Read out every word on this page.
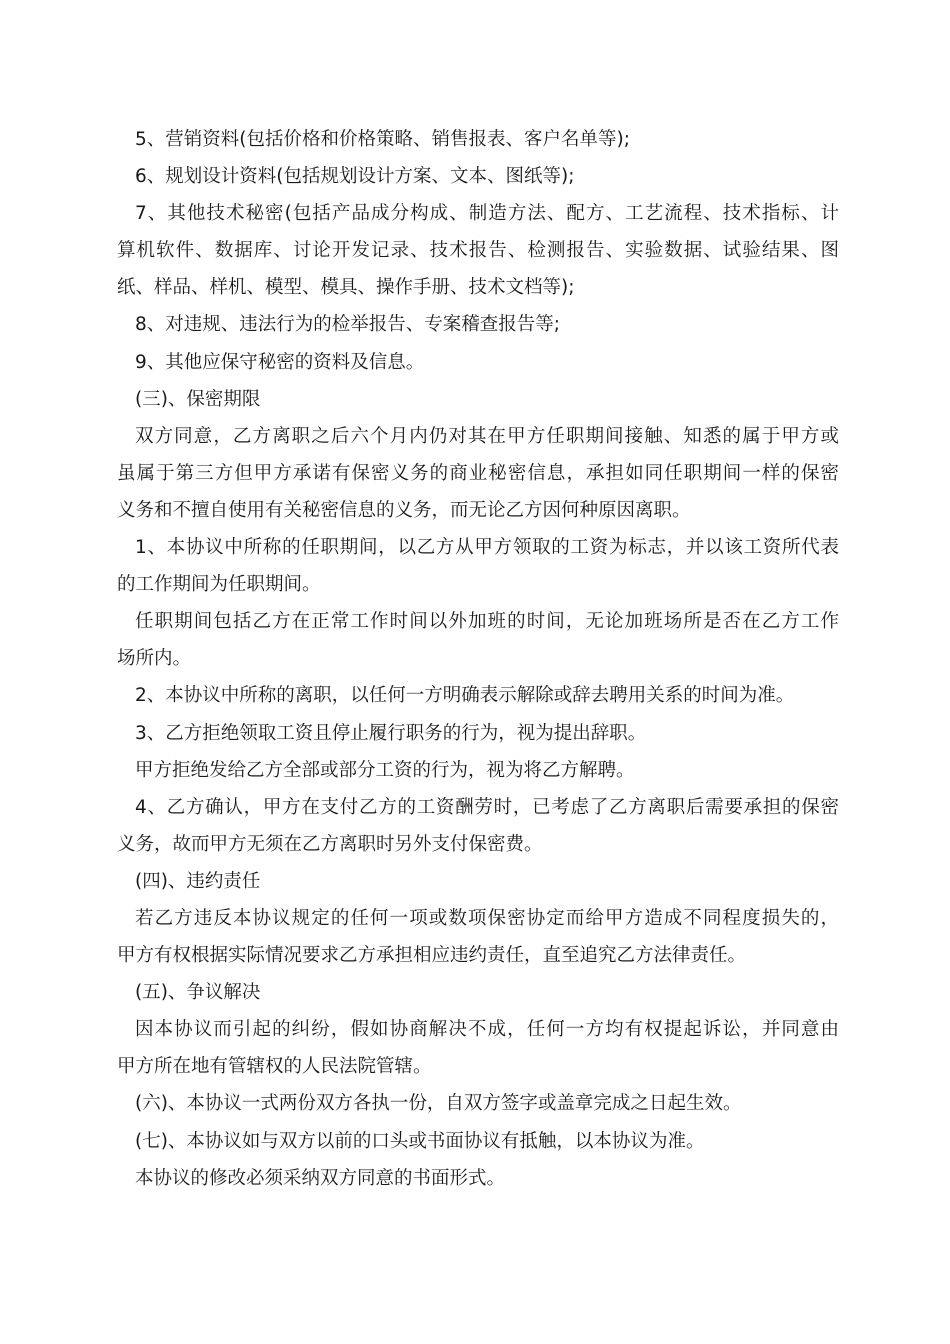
5、营销资料(包括价格和价格策略、销售报表、客户名单等);
6、规划设计资料(包括规划设计方案、文本、图纸等);
7、其他技术秘密(包括产品成分构成、制造方法、配方、工艺流程、技术指标、计
算机软件、数据库、讨论开发记录、技术报告、检测报告、实验数据、试验结果、图
纸、样品、样机、模型、模具、操作手册、技术文档等);
8、对违规、违法行为的检举报告、专案稽查报告等;
9、其他应保守秘密的资料及信息。
(三)、保密期限
双方同意，乙方离职之后六个月内仍对其在甲方任职期间接触、知悉的属于甲方或
虽属于第三方但甲方承诺有保密义务的商业秘密信息，承担如同任职期间一样的保密
义务和不擅自使用有关秘密信息的义务，而无论乙方因何种原因离职。
1、本协议中所称的任职期间，以乙方从甲方领取的工资为标志，并以该工资所代表
的工作期间为任职期间。
任职期间包括乙方在正常工作时间以外加班的时间，无论加班场所是否在乙方工作
场所内。
2、本协议中所称的离职，以任何一方明确表示解除或辞去聘用关系的时间为准。
3、乙方拒绝领取工资且停止履行职务的行为，视为提出辞职。
甲方拒绝发给乙方全部或部分工资的行为，视为将乙方解聘。
4、乙方确认，甲方在支付乙方的工资酬劳时，已考虑了乙方离职后需要承担的保密
义务，故而甲方无须在乙方离职时另外支付保密费。
(四)、违约责任
若乙方违反本协议规定的任何一项或数项保密协定而给甲方造成不同程度损失的，
甲方有权根据实际情况要求乙方承担相应违约责任，直至追究乙方法律责任。
(五)、争议解决
因本协议而引起的纠纷，假如协商解决不成，任何一方均有权提起诉讼，并同意由
甲方所在地有管辖权的人民法院管辖。
(六)、本协议一式两份双方各执一份，自双方签字或盖章完成之日起生效。
(七)、本协议如与双方以前的口头或书面协议有抵触，以本协议为准。
本协议的修改必须采纳双方同意的书面形式。
